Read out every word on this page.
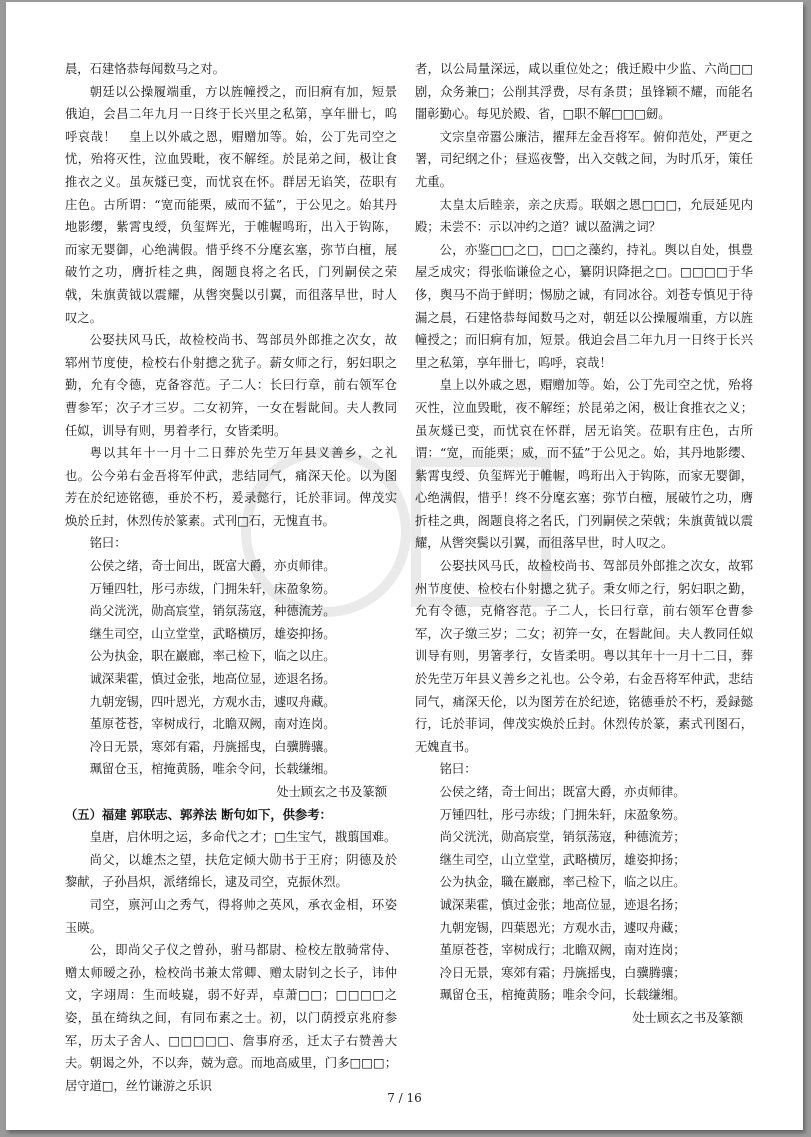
晨，石建恪恭每闻数马之对。

朝廷以公操履端重，方以旌幢授之，而旧痾有加，短景俄迫，会昌二年九月一日终于长兴里之私第，享年卌七，呜呼哀哉！　皇上以外戚之恩，赗赠加等。始，公丁先司空之忧，殆将灭性，泣血毁毗，夜不解绖。於昆弟之间，极让食推衣之义。虽灰燧已变，而忧哀在怀。群居无谄笑，莅职有庄色。古所谓：“宽而能栗，威而不猛”，于公见之。始其丹地影缨，紫霄曳绶，负玺辉光，于帷幄鸣珩，出入于钩陈，而家无婴御，心绝满假。惜乎终不分麾玄塞，弥节白檀，展破竹之功，膺折桂之典，阁题良将之名氏，门列嗣侯之荣戟，朱旗黄钺以震耀，从辔突鬓以引翼，而徂落早世，时人叹之。

公娶扶风马氏，故检校尚书、驾部员外郎推之次女，故郓州节度使，检校右仆射摠之犹子。薪女师之行，躬妇职之勤，允有令德，克备容范。子二人：长曰行章，前右领军仓曹参军；次子才三岁。二女初笄，一女在髫龀间。夫人教同任姒，训导有则，男着孝行，女皆柔明。

粤以其年十一月十二日葬於先茔万年县义善乡，之礼也。公今弟右金吾将军仲武，悲结同气，痛深天伦。以为图芳在於纪迹铭德，垂於不朽，爰录懿行，讬於菲词。俾茂实焕於丘封，休烈传於篆素。式刊□石，无愧直书。

铭曰：

公侯之绪，奇士间出，既富大爵，亦贞师律。

万锺四牡，彤弓赤绂，门拥朱轩，床盈象笏。

尚父洸洸，勋高宸堂，销氛荡寇，种德流芳。

继生司空，山立堂堂，武略横厉，雄姿抑扬。

公为执金，职在巖廊，率己检下，临之以庄。

诚深棐霍，慎过金张，地高位显，迹退名扬。

九朝宠锡，四叶恩光，方观水击，遽叹舟藏。

堇原苍苍，宰树成行，北瞻双阙，南对连岗。

冷日无景，寒郊有霜，丹旐摇曳，白骥腾骧。

珮留仓玉，棺掩黄肠，唯余令问，长载缣缃。

处士顾玄之书及篆额

（五）福建 郭联志、郭养法 断句如下，供参考：

皇唐，启休明之运，多命代之才；□生宝气，戡翦国难。

尚父，以雄杰之望，扶危定倾大勋书于王府；阴德及於黎献，子孙昌炽，派绪绵长，逮及司空，克振休烈。

司空，禀河山之秀气，得将帅之英风，承衣金相，环姿玉暎。

公，即尚父子仪之曾孙，驸马都尉、检校左散骑常侍、赠太师暧之孙，检校尚书兼太常卿、赠太尉钊之长子，讳仲文，字翊周：生而岐嶷，弱不好弄，卓萧□□；□□□□之姿，虽在绮纨之间，有同布素之士。初，以门荫授京兆府参军，历太子舍人、□□□□□、詹事府丞，迁太子右赞善大夫。朝谒之外，不以奔，兢为意。而地高威里，门多□□□；居守道□，丝竹谦游之乐识

者，以公局量深远，咸以重位处之；俄迁殿中少监、六尚□□剧，众务兼□；公削其浮费，尽有条贯；虽锋颖不耀，而能名闇彰勤心。每见於殿、省，□职不解□□□劒。

文宗皇帝嚣公廉洁，擢拜左金吾将军。俯仰范处，严更之署，司纪纲之仆；昼巡夜警，出入交戟之间，为时爪牙，策任尤重。

太皇太后睦亲，亲之庆焉。联姻之恩□□□，允辰延见内殿；未尝不：示以冲约之道？诚以盈满之词？

公，亦鉴□□之□，□□之藻约，持礼。舆以自处，惧豊屋乏成灾；得张临谦俭之心，纂阴识降挹之□。□□□□于华侈，舆马不尚于鲜明；惕励之诚，有同冰谷。刘苍专慎见于待漏之晨，石建恪恭每闻数马之对，朝廷以公操履端重，方以旌幢授之；而旧痾有加，短景。俄迫会昌二年九月一日终于长兴里之私第，享年卌七，呜呼，哀哉！

皇上以外戚之恩，赗赠加等。始，公丁先司空之忧，殆将灭性，泣血毁毗，夜不解绖；於昆弟之闲，极让食推衣之义；虽灰燧已变，而忧哀在怀群，居无谄笑。莅职有庄色，古所谓：“宽，而能栗；威，而不猛”于公见之。始，其丹地影缨、紫霄曳绶、负玺辉光于帷幄，鸣珩出入于钩陈，而家无婴御，心绝满假，惜乎！终不分麾玄塞；弥节白檀，展破竹之功，膺折桂之典，阁题良将之名氏，门列嗣侯之荣戟；朱旗黄钺以震耀，从辔突鬓以引翼，而徂落早世，时人叹之。

公娶扶风马氏，故检校尚书、驾部员外郎推之次女，故郓州节度使、检校右仆射摠之犹子。秉女师之行，躬妇职之勤，允有令德，克脩容范。子二人，长曰行章，前右领军仓曹参军，次子缴三岁；二女；初笄一女，在髫龀间。夫人教同任姒训导有则，男箸孝行，女皆柔明。粤以其年十一月十二日，葬於先茔万年县义善乡之礼也。公令弟，右金吾将军仲武，悲结同气，痛深天伦，以为图芳在於纪迹，铭德垂於不朽，爰録懿行，讬於菲词，俾茂实焕於丘封。休烈传於篆，素式刊图石，无媿直书。

铭曰：

公侯之绪，奇士间出；既富大爵，亦贞师律。

万锺四牡，彤弓赤绂；门拥朱轩，床盈象笏。

尚父洸洸，勋高宸堂，销氛荡寇，种德流芳；

继生司空，山立堂堂，武略横厉，雄姿抑扬；

公为执金，職在巖廊，率己检下，临之以庄。

诚深棐霍，慎过金张；地高位显，迹退名扬；

九朝宠锡，四葉恩光；方观水击，遽叹舟藏；

堇原苍苍，宰树成行；北瞻双阙，南对连岗；

冷日无景，寒郊有霜；丹旐摇曳，白骥腾骧；

珮留仓玉，棺掩黄肠；唯余令问，长载缣缃。

处士顾玄之书及篆额

7 / 16
